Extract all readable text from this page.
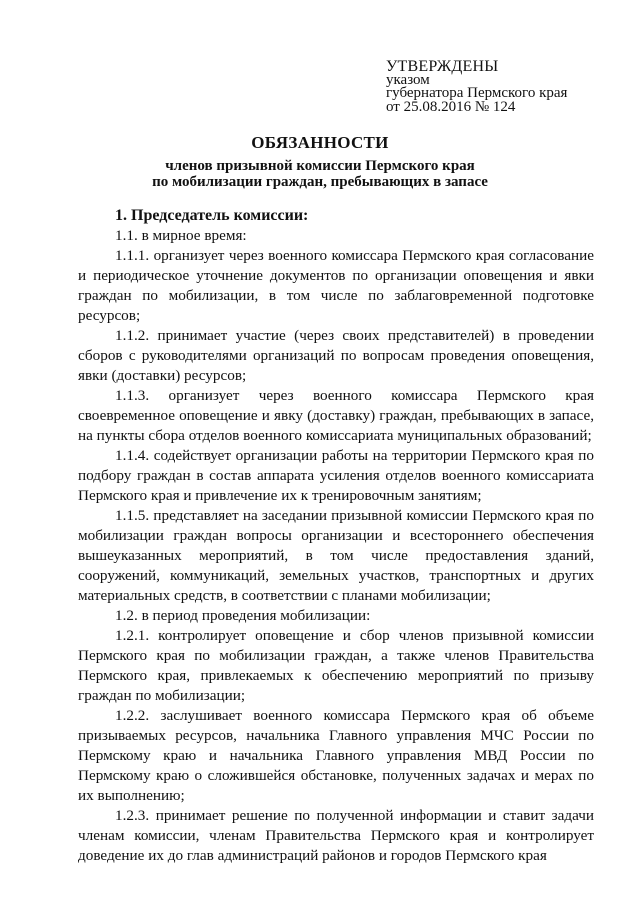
УТВЕРЖДЕНЫ
указом
губернатора Пермского края
от 25.08.2016 № 124
ОБЯЗАННОСТИ
членов призывной комиссии Пермского края
по мобилизации граждан, пребывающих в запасе

1. Председатель комиссии:

1.1. в мирное время:

1.1.1. организует через военного комиссара Пермского края согласование и периодическое уточнение документов по организации оповещения и явки граждан по мобилизации, в том числе по заблаговременной подготовке ресурсов;

1.1.2. принимает участие (через своих представителей) в проведении сборов с руководителями организаций по вопросам проведения оповещения, явки (доставки) ресурсов;

1.1.3. организует через военного комиссара Пермского края своевременное оповещение и явку (доставку) граждан, пребывающих в запасе, на пункты сбора отделов военного комиссариата муниципальных образований;

1.1.4. содействует организации работы на территории Пермского края по подбору граждан в состав аппарата усиления отделов военного комиссариата Пермского края и привлечение их к тренировочным занятиям;

1.1.5. представляет на заседании призывной комиссии Пермского края по мобилизации граждан вопросы организации и всестороннего обеспечения вышеуказанных мероприятий, в том числе предоставления зданий, сооружений, коммуникаций, земельных участков, транспортных и других материальных средств, в соответствии с планами мобилизации;

1.2. в период проведения мобилизации:

1.2.1. контролирует оповещение и сбор членов призывной комиссии Пермского края по мобилизации граждан, а также членов Правительства Пермского края, привлекаемых к обеспечению мероприятий по призыву граждан по мобилизации;

1.2.2. заслушивает военного комиссара Пермского края об объеме призываемых ресурсов, начальника Главного управления МЧС России по Пермскому краю и начальника Главного управления МВД России по Пермскому краю о сложившейся обстановке, полученных задачах и мерах по их выполнению;

1.2.3. принимает решение по полученной информации и ставит задачи членам комиссии, членам Правительства Пермского края и контролирует доведение их до глав администраций районов и городов Пермского края
